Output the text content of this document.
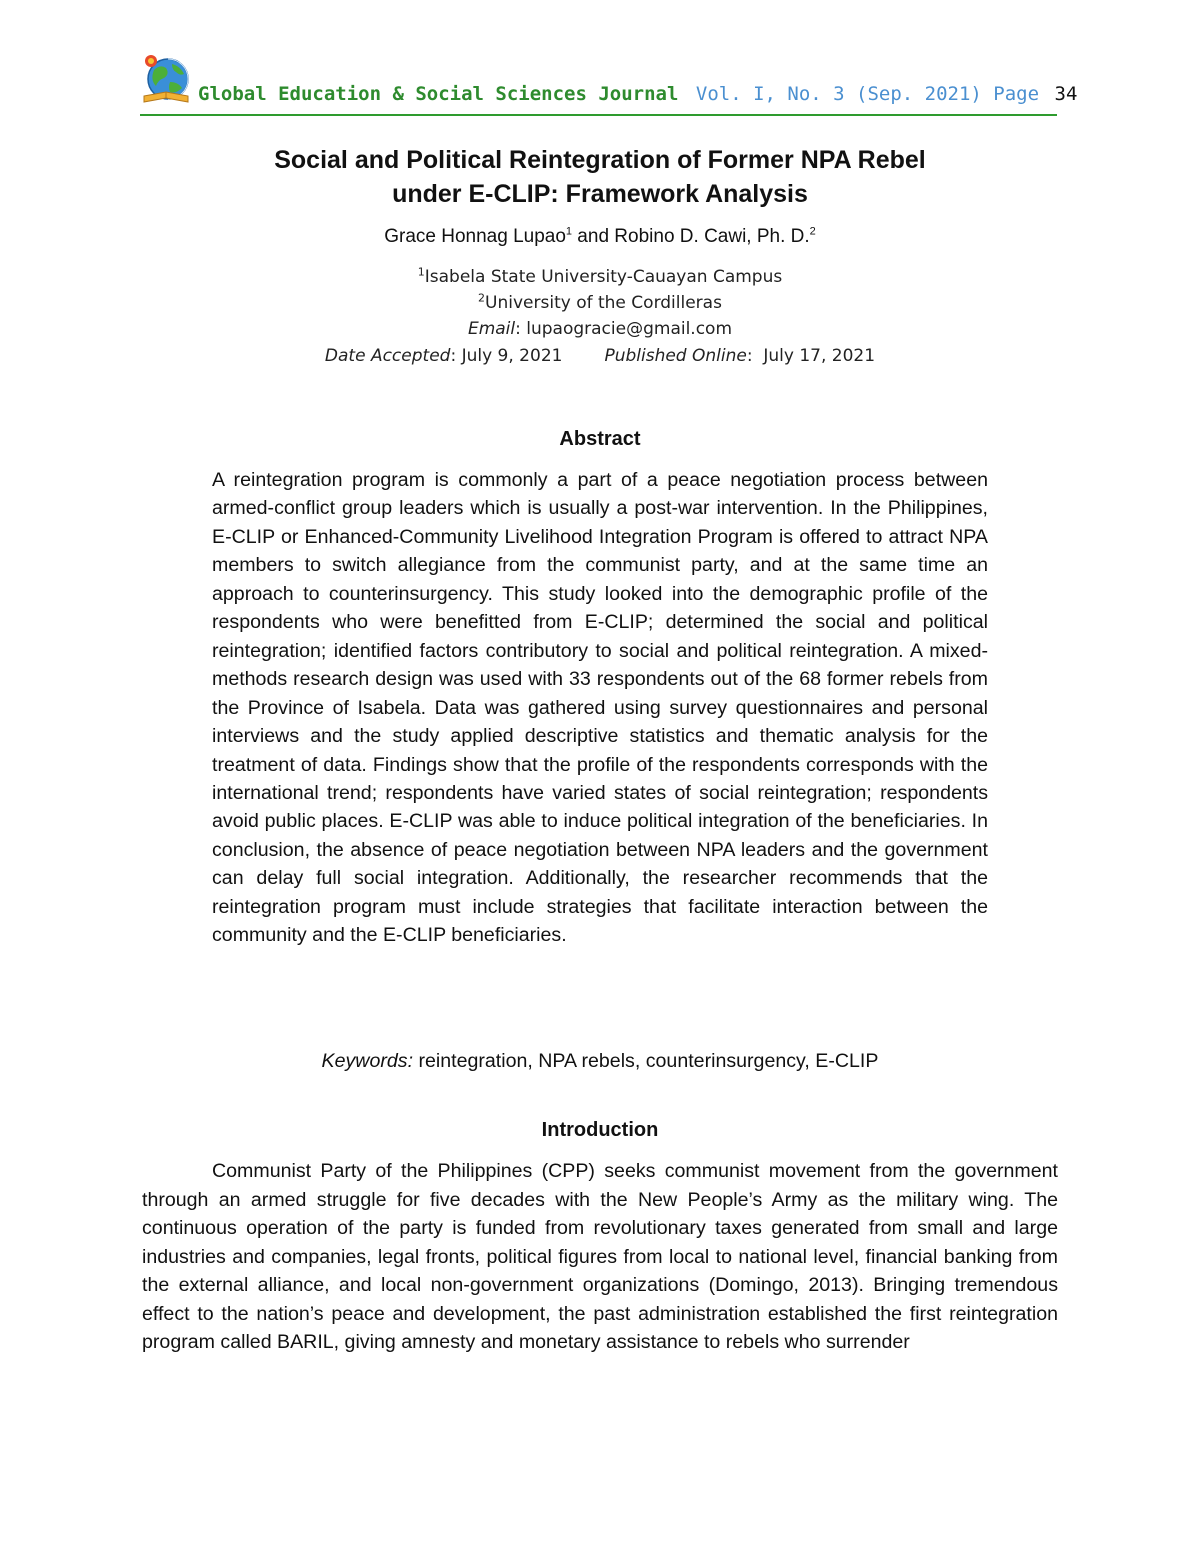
Global Education & Social Sciences Journal Vol. I, No. 3 (Sep. 2021) Page 34
Social and Political Reintegration of Former NPA Rebel
under E-CLIP: Framework Analysis
Grace Honnag Lupao$^1$ and Robino D. Cawi, Ph. D.$^2$
$^1$Isabela State University-Cauayan Campus
$^2$University of the Cordilleras
Email: lupaogracie@gmail.com
Date Accepted: July 9, 2021 Published Online:  July 17, 2021
Abstract

A reintegration program is commonly a part of a peace negotiation process between armed-conflict group leaders which is usually a post-war intervention. In the Philippines, E-CLIP or Enhanced-Community Livelihood Integration Program is offered to attract NPA members to switch allegiance from the communist party, and at the same time an approach to counterinsurgency. This study looked into the demographic profile of the respondents who were benefitted from E-CLIP; determined the social and political reintegration; identified factors contributory to social and political reintegration. A mixed-methods research design was used with 33 respondents out of the 68 former rebels from the Province of Isabela. Data was gathered using survey questionnaires and personal interviews and the study applied descriptive statistics and thematic analysis for the treatment of data. Findings show that the profile of the respondents corresponds with the international trend; respondents have varied states of social reintegration; respondents avoid public places. E-CLIP was able to induce political integration of the beneficiaries. In conclusion, the absence of peace negotiation between NPA leaders and the government can delay full social integration. Additionally, the researcher recommends that the reintegration program must include strategies that facilitate interaction between the community and the E-CLIP beneficiaries.

Keywords: reintegration, NPA rebels, counterinsurgency, E-CLIP
Introduction

Communist Party of the Philippines (CPP) seeks communist movement from the government through an armed struggle for five decades with the New People’s Army as the military wing. The continuous operation of the party is funded from revolutionary taxes generated from small and large industries and companies, legal fronts, political figures from local to national level, financial banking from the external alliance, and local non-government organizations (Domingo, 2013). Bringing tremendous effect to the nation’s peace and development, the past administration established the first reintegration program called BARIL, giving amnesty and monetary assistance to rebels who surrender
